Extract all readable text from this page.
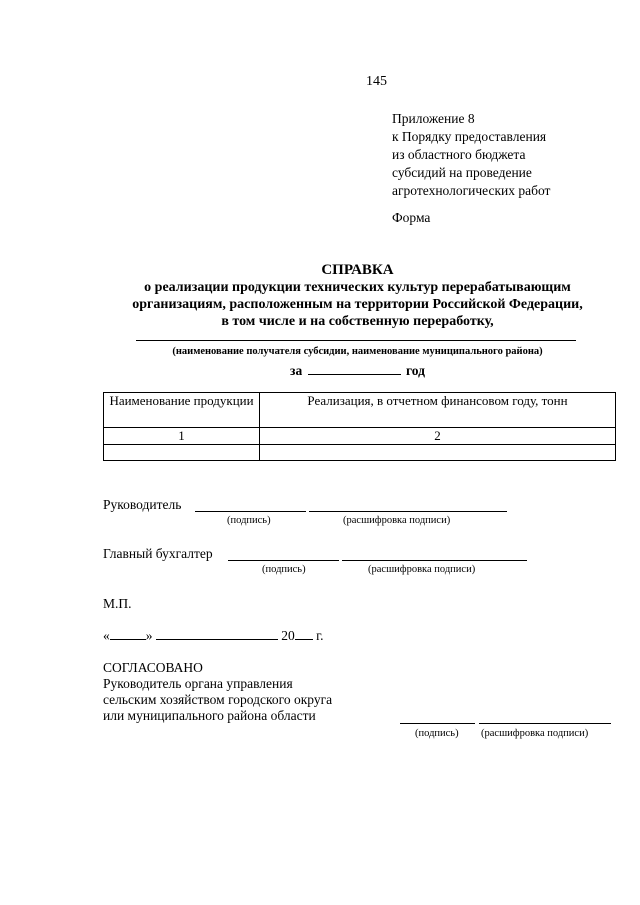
145
Приложение 8
к Порядку предоставления
из областного бюджета
субсидий на проведение
агротехнологических работ
Форма
СПРАВКА
о реализации продукции технических культур перерабатывающим
организациям, расположенным на территории Российской Федерации,
в том числе и на собственную переработку,
(наименование получателя субсидии, наименование муниципального района)
за	год
Наименование продукции	Реализация, в отчетном финансовом году, тонн
1	2

Руководитель
(подпись)	(расшифровка подписи)
Главный бухгалтер
(подпись)	(расшифровка подписи)
М.П.
«	»	20 г.
СОГЛАСОВАНО
Руководитель органа управления
сельским хозяйством городского округа
или муниципального района области
(подпись) (расшифровка подписи)
